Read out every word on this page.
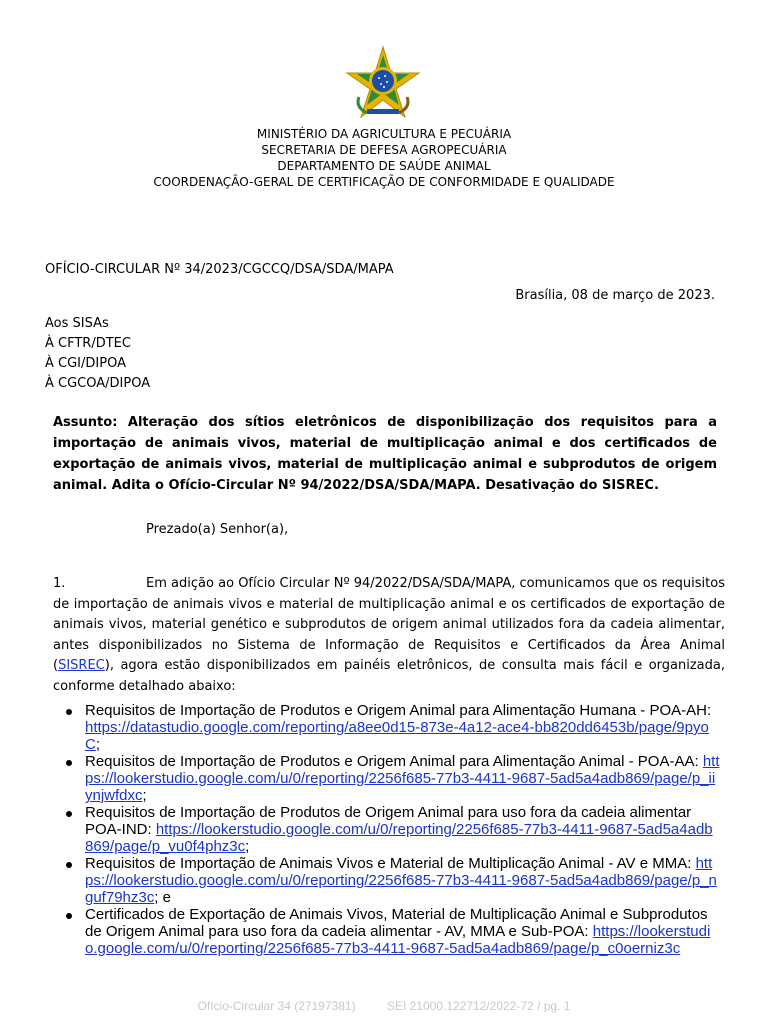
MINISTÉRIO DA AGRICULTURA E PECUÁRIA
SECRETARIA DE DEFESA AGROPECUÁRIA
DEPARTAMENTO DE SAÚDE ANIMAL
COORDENAÇÃO-GERAL DE CERTIFICAÇÃO DE CONFORMIDADE E QUALIDADE
OFÍCIO-CIRCULAR Nº 34/2023/CGCCQ/DSA/SDA/MAPA
Brasília, 08 de março de 2023.
Aos SISAs
À CFTR/DTEC
À CGI/DIPOA
À CGCOA/DIPOA
Assunto: Alteração dos sítios eletrônicos de disponibilização dos requisitos para a importação de animais vivos, material de multiplicação animal e dos certificados de exportação de animais vivos, material de multiplicação animal e subprodutos de origem animal. Adita o Ofício-Circular Nº 94/2022/DSA/SDA/MAPA. Desativação do SISREC.
Prezado(a) Senhor(a),
1.	Em adição ao Ofício Circular Nº 94/2022/DSA/SDA/MAPA, comunicamos que os requisitos de importação de animais vivos e material de multiplicação animal e os certificados de exportação de animais vivos, material genético e subprodutos de origem animal utilizados fora da cadeia alimentar, antes disponibilizados no Sistema de Informação de Requisitos e Certificados da Área Animal (SISREC), agora estão disponibilizados em painéis eletrônicos, de consulta mais fácil e organizada, conforme detalhado abaixo:
Requisitos de Importação de Produtos e Origem Animal para Alimentação Humana - POA-AH: https://datastudio.google.com/reporting/a8ee0d15-873e-4a12-ace4-bb820dd6453b/page/9pyoC;
Requisitos de Importação de Produtos e Origem Animal para Alimentação Animal - POA-AA: https://lookerstudio.google.com/u/0/reporting/2256f685-77b3-4411-9687-5ad5a4adb869/page/p_iiynjwfdxc;
Requisitos de Importação de Produtos de Origem Animal para uso fora da cadeia alimentar POA-IND: https://lookerstudio.google.com/u/0/reporting/2256f685-77b3-4411-9687-5ad5a4adb869/page/p_vu0f4phz3c;
Requisitos de Importação de Animais Vivos e Material de Multiplicação Animal - AV e MMA: https://lookerstudio.google.com/u/0/reporting/2256f685-77b3-4411-9687-5ad5a4adb869/page/p_nguf79hz3c; e
Certificados de Exportação de Animais Vivos, Material de Multiplicação Animal e Subprodutos de Origem Animal para uso fora da cadeia alimentar - AV, MMA e Sub-POA: https://lookerstudio.google.com/u/0/reporting/2256f685-77b3-4411-9687-5ad5a4adb869/page/p_c0oerniz3c
Ofício-Circular 34 (27197381)	SEI 21000.122712/2022-72 / pg. 1
